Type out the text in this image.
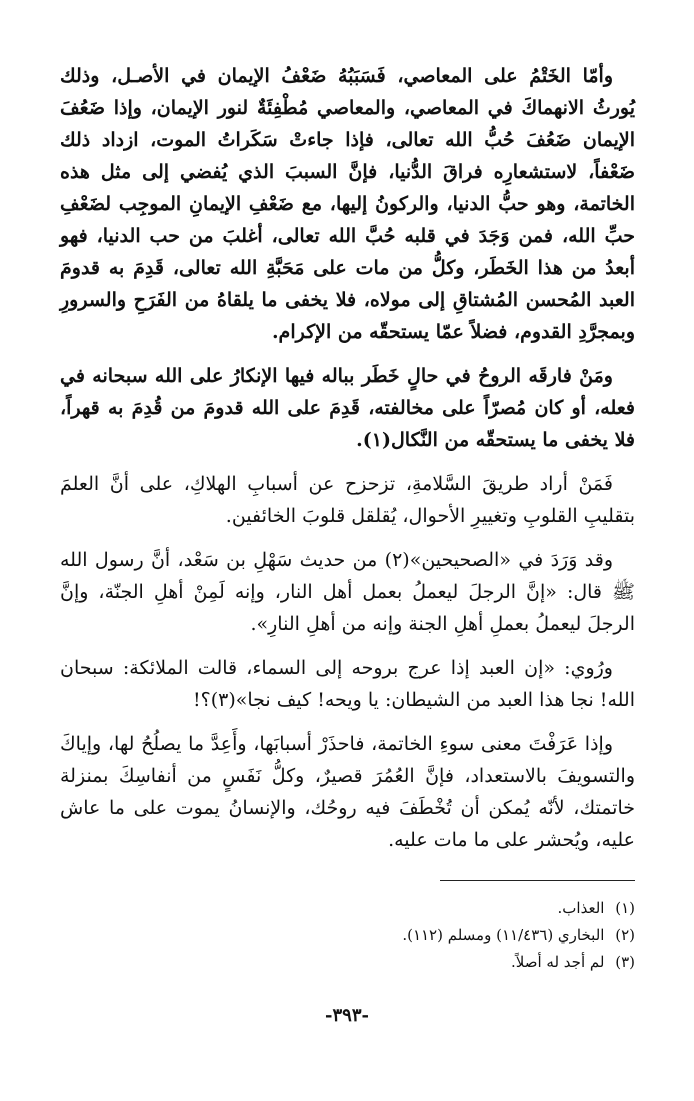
وأمّا الخَتْمُ على المعاصي، فَسَبَبُهُ ضَعْفُ الإيمان في الأصـل، وذلك يُورثُ الانهماكَ في المعاصي، والمعاصي مُطْفِئَةٌ لنور الإيمان، وإذا ضَعُفَ الإيمان ضَعُفَ حُبُّ الله تعالى، فإذا جاءتْ سَكَراتُ الموت، ازداد ذلك ضَعْفاً، لاستشعارِه فراقَ الدُّنيا، فإنَّ السببَ الذي يُفضي إلى مثل هذه الخاتمة، وهو حبُّ الدنيا، والركونُ إليها، مع ضَعْفِ الإيمانِ الموجِب لضَعْفِ حبِّ الله، فمن وَجَدَ في قلبه حُبَّ الله تعالى، أغلبَ من حب الدنيا، فهو أبعدُ من هذا الخَطَر، وكلُّ من مات على مَحَبَّةِ الله تعالى، قَدِمَ به قدومَ العبد المُحسن المُشتاقِ إلى مولاه، فلا يخفى ما يلقاهُ من الفَرَحِ والسرورِ وبمجرَّدِ القدوم، فضلاً عمّا يستحقّه من الإكرام.

ومَنْ فارقَه الروحُ في حالٍ خَطَر بباله فيها الإنكارُ على الله سبحانه في فعله، أو كان مُصرّاً على مخالفته، قَدِمَ على الله قدومَ من قُدِمَ به قهراً، فلا يخفى ما يستحقّه من النَّكال(١).

فَمَنْ أراد طريقَ السَّلامةِ، تزحزح عن أسبابِ الهلاكِ، على أنَّ العلمَ بتقليبِ القلوبِ وتغييرِ الأحوال، يُقلقل قلوبَ الخائفين.

وقد وَرَدَ في «الصحيحين»(٢) من حديث سَهْلِ بن سَعْد، أنَّ رسول الله ﷺ قال: «إنَّ الرجلَ ليعملُ بعمل أهل النار، وإنه لَمِنْ أهلِ الجنّة، وإنَّ الرجلَ ليعملُ بعملِ أهلِ الجنة وإنه من أهلِ النارِ».

ورُوي: «إن العبد إذا عرج بروحه إلى السماء، قالت الملائكة: سبحان الله! نجا هذا العبد من الشيطان: يا ويحه! كيف نجا»(٣)؟!

وإذا عَرَفْتَ معنى سوءِ الخاتمة، فاحذَرْ أسبابَها، وأَعِدَّ ما يصلُحُ لها، وإياكَ والتسويفَ بالاستعداد، فإنَّ العُمُرَ قصيرٌ، وكلُّ نَفَسٍ من أنفاسِكَ بمنزلة خاتمتك، لأنّه يُمكن أن تُخْطَفَ فيه روحُك، والإنسانُ يموت على ما عاش عليه، ويُحشر على ما مات عليه.

(١) العذاب.
(٢) البخاري (١١/٤٣٦) ومسلم (١١٢).
(٣) لم أجد له أصلاً.
-٣٩٣-
